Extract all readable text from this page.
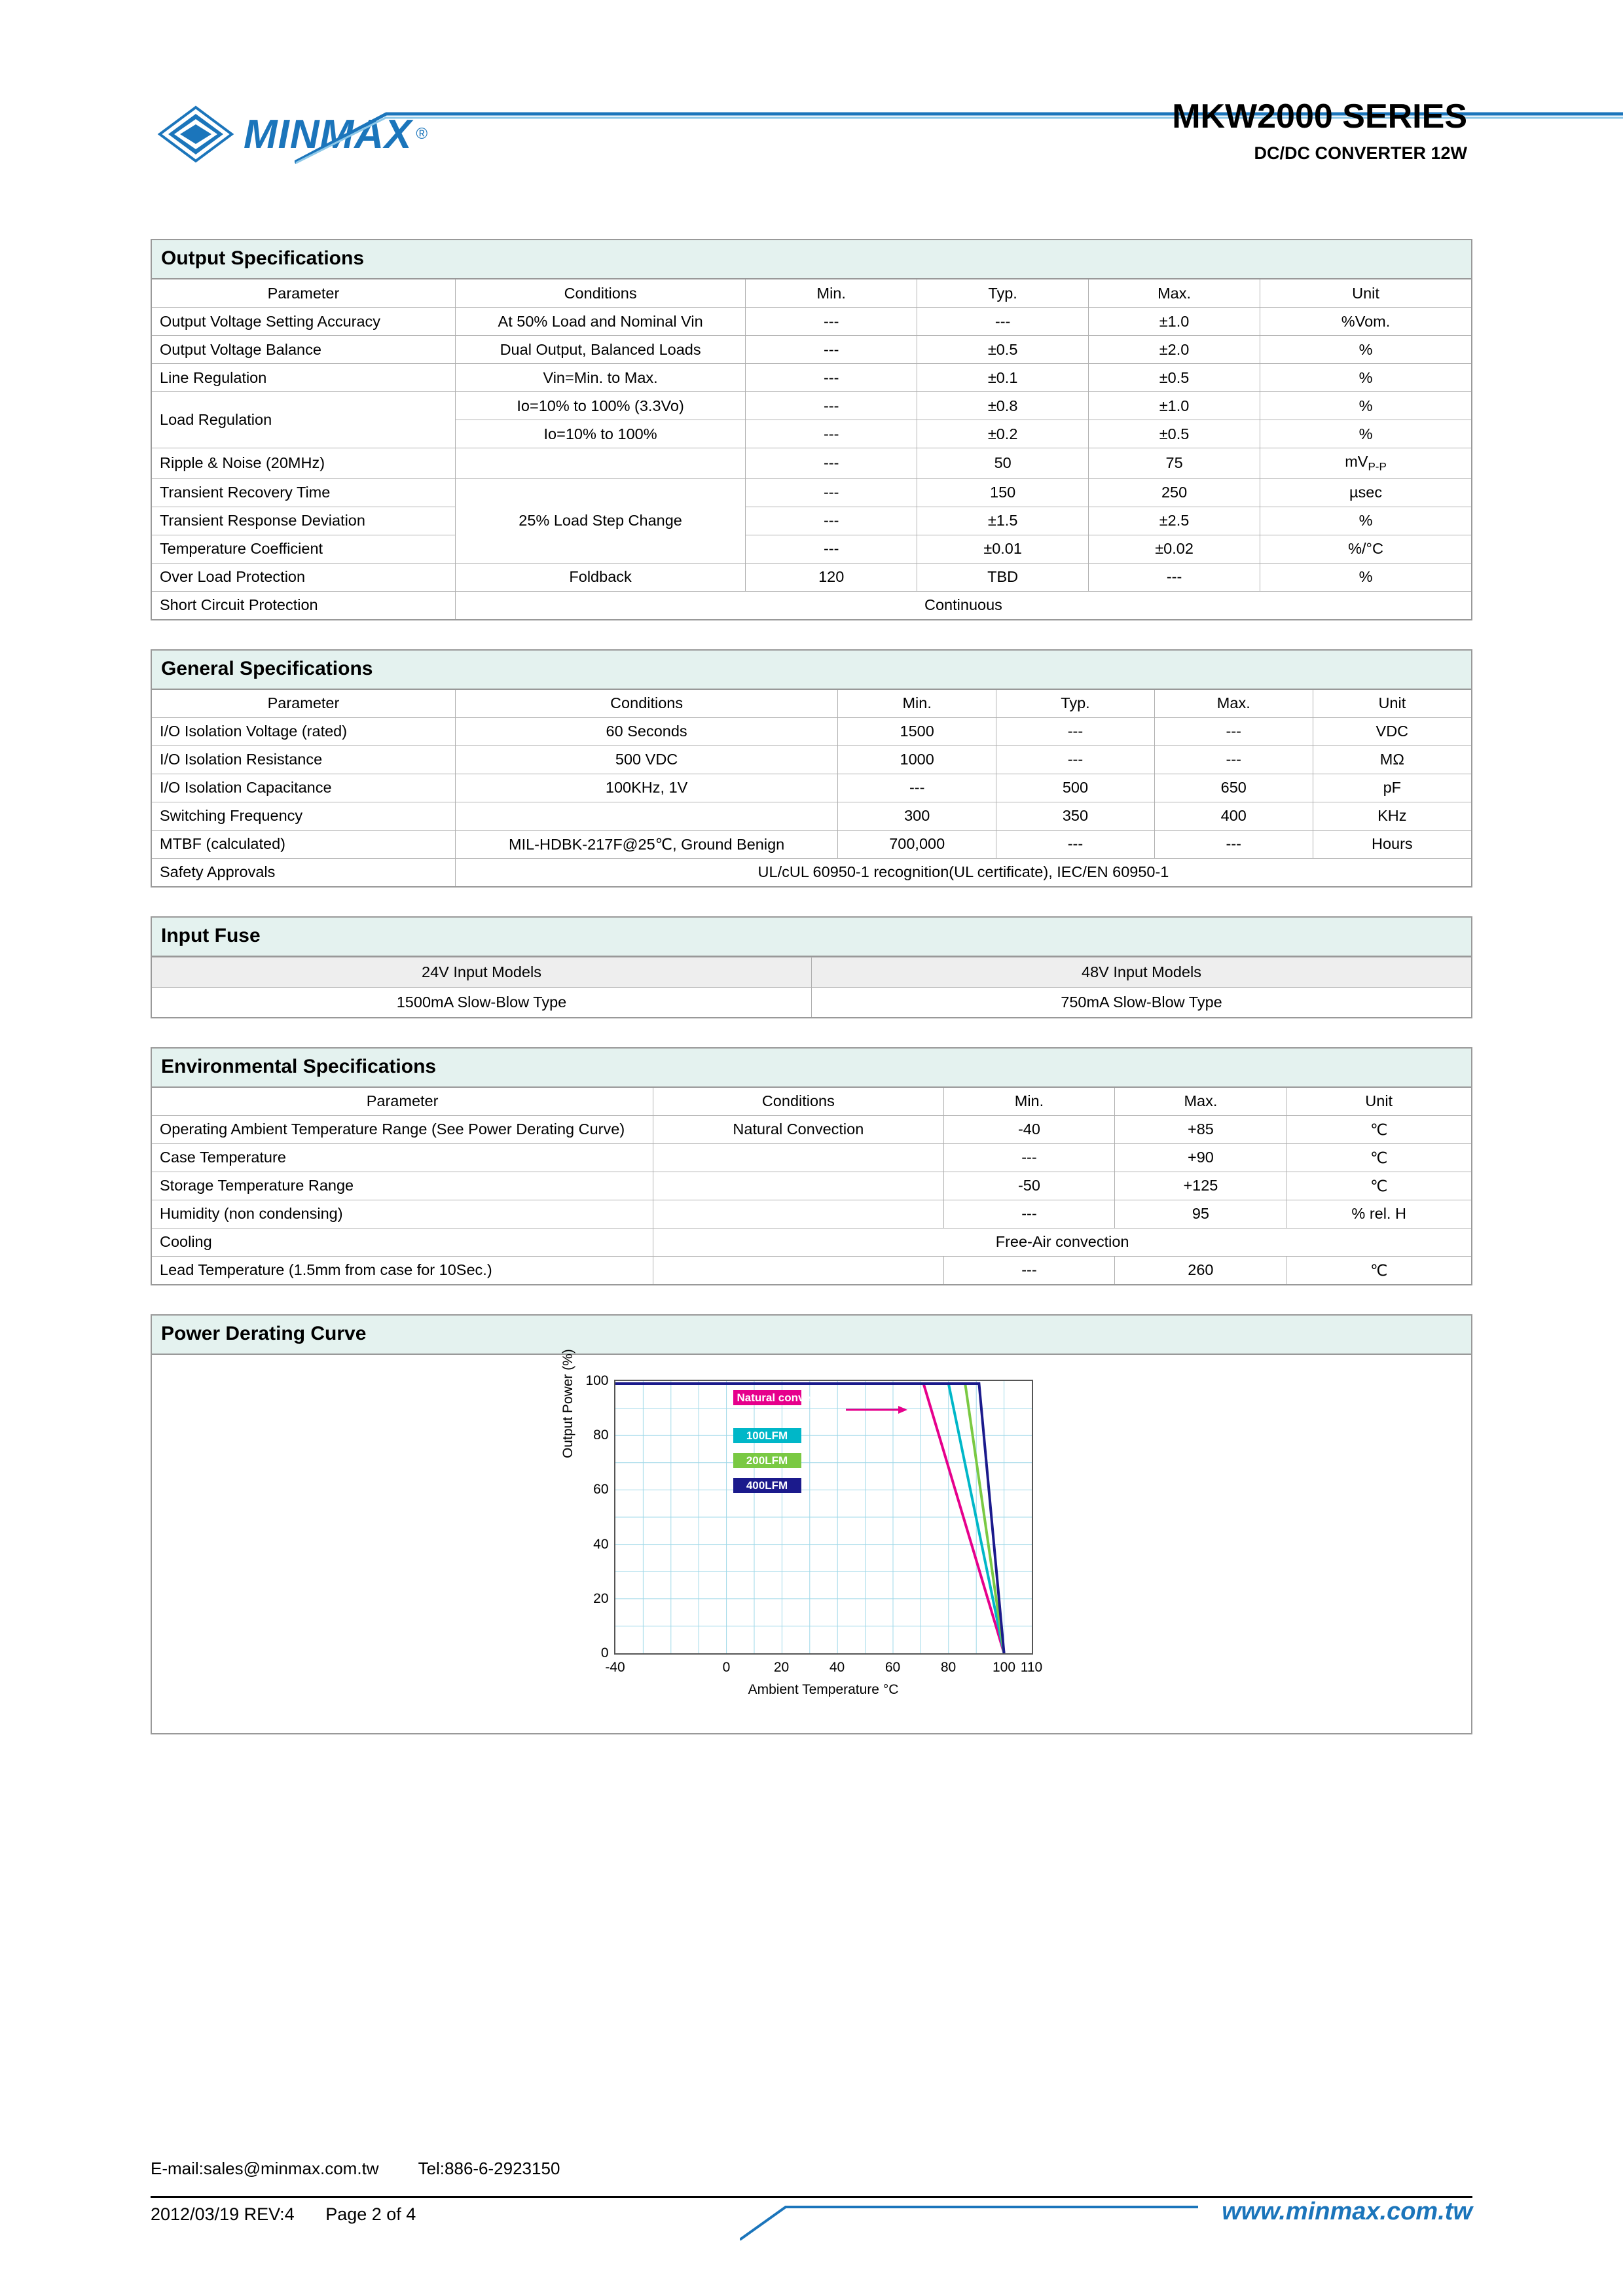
MINMAX ®	MKW2000 SERIES
DC/DC CONVERTER 12W
Output Specifications
Parameter	Conditions	Min.	Typ.	Max.	Unit
Output Voltage Setting Accuracy	At 50% Load and Nominal Vin	---	---	±1.0	%Vom.
Output Voltage Balance	Dual Output, Balanced Loads	---	±0.5	±2.0	%
Line Regulation	Vin=Min. to Max.	---	±0.1	±0.5	%
Load Regulation	Io=10% to 100% (3.3Vo)	---	±0.8	±1.0	%
	Io=10% to 100%	---	±0.2	±0.5	%
Ripple & Noise (20MHz)		---	50	75	$mV_{P-P}$
Transient Recovery Time	25% Load Step Change	---	150	250	µsec
Transient Response Deviation		---	±1.5	±2.5	%
Temperature Coefficient		---	±0.01	±0.02	%/°C
Over Load Protection	Foldback	120	TBD	---	%
Short Circuit Protection	Continuous				
General Specifications
Parameter	Conditions	Min.	Typ.	Max.	Unit
I/O Isolation Voltage (rated)	60 Seconds	1500	---	---	VDC
I/O Isolation Resistance	500 VDC	1000	---	---	MΩ
I/O Isolation Capacitance	100KHz, 1V	---	500	650	pF
Switching Frequency		300	350	400	KHz
MTBF (calculated)	MIL-HDBK-217F@25℃, Ground Benign	700,000	---	---	Hours
Safety Approvals	UL/cUL 60950-1 recognition(UL certificate), IEC/EN 60950-1				
Input Fuse
24V Input Models	48V Input Models
1500mA Slow-Blow Type	750mA Slow-Blow Type
Environmental Specifications
Parameter	Conditions	Min.	Max.	Unit
Operating Ambient Temperature Range (See Power Derating Curve)	Natural Convection	-40	+85	℃
Case Temperature		---	+90	℃
Storage Temperature Range		-50	+125	℃
Humidity (non condensing)		---	95	% rel. H
Cooling	Free-Air convection			
Lead Temperature (1.5mm from case for 10Sec.)		---	260	℃
Power Derating Curve
Output Power (%) 100
80
60
40
20
0
-40	0	20	40	60	80	100 110
Natural convection
100LFM
200LFM
400LFM
Ambient Temperature °C
E-mail:sales@minmax.com.tw Tel:886-6-2923150
2012/03/19 REV:4 Page 2 of 4	www.minmax.com.tw
